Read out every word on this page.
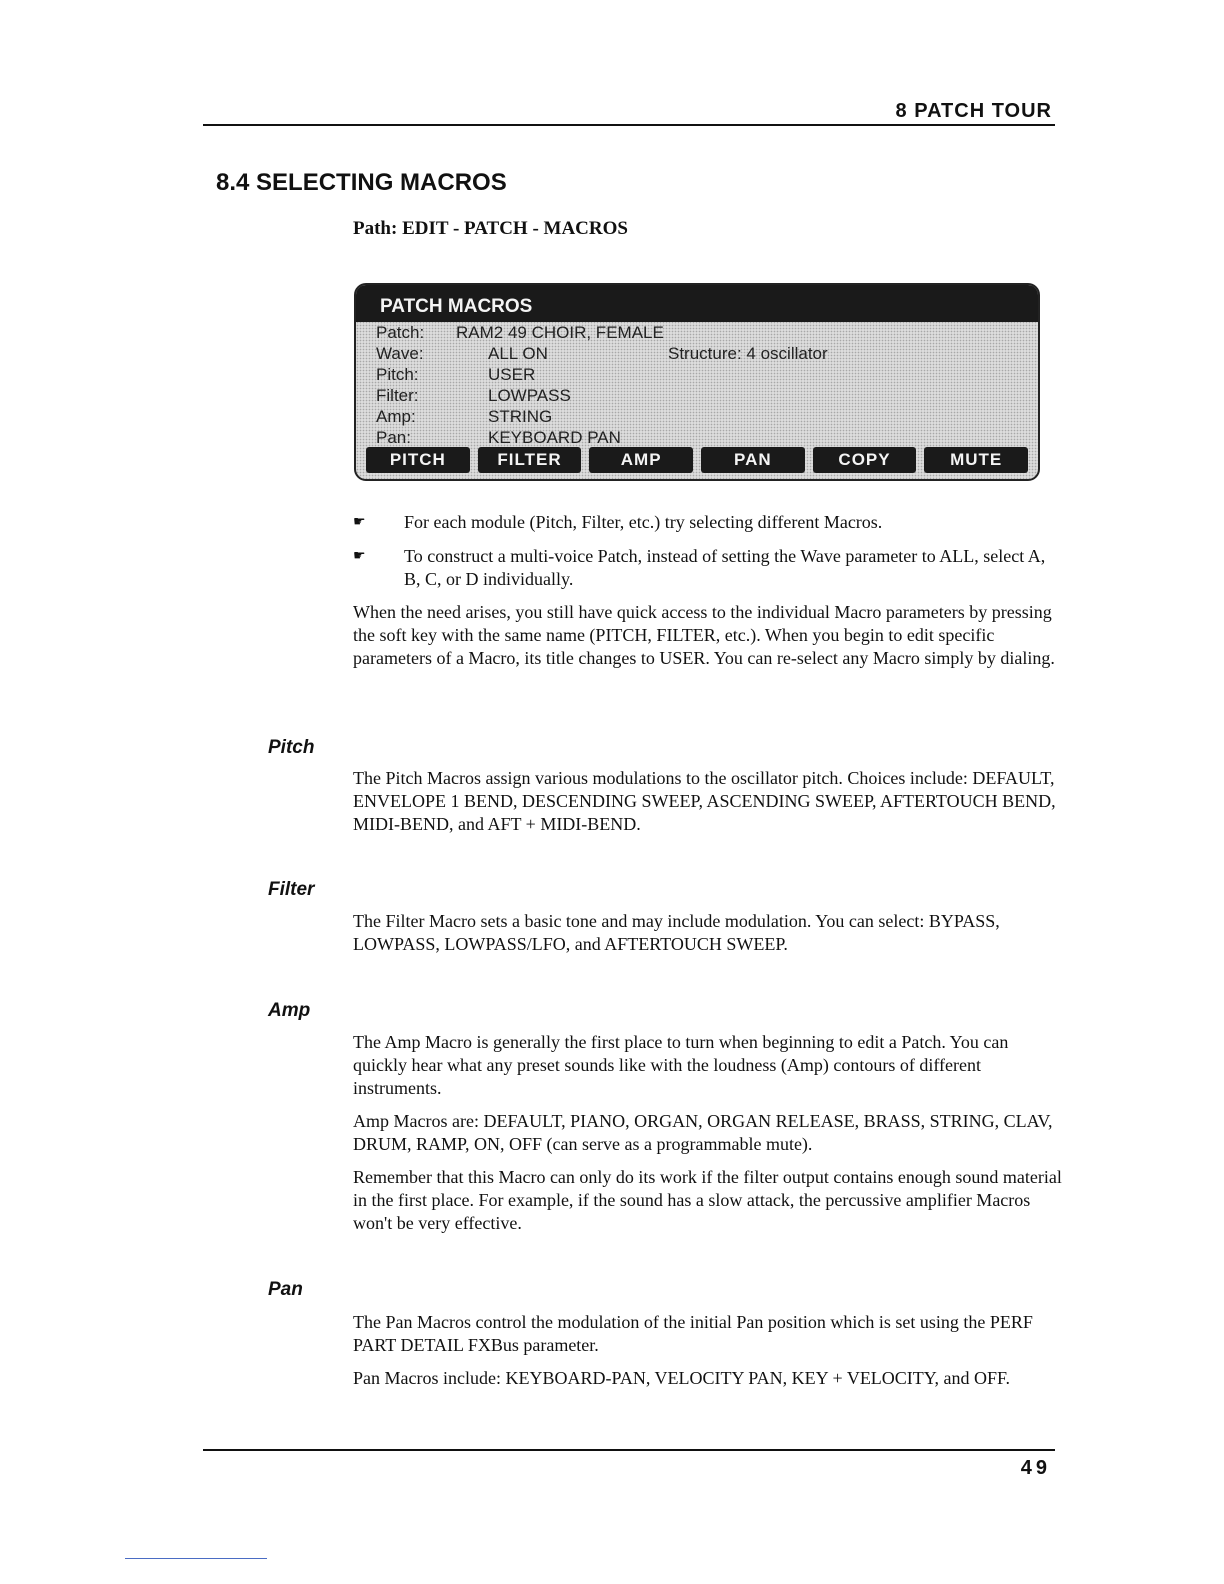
8 PATCH TOUR
8.4 SELECTING MACROS
Path: EDIT - PATCH - MACROS
PATCH MACROS
Patch: RAM2 49 CHOIR, FEMALE
Wave:	ALL ON	Structure: 4 oscillator
Pitch:	USER
Filter:	LOWPASS
Amp:	STRING
Pan:	KEYBOARD PAN
PITCH	FILTER	AMP	PAN	COPY	MUTE
☛ For each module (Pitch, Filter, etc.) try selecting different Macros.
☛ To construct a multi-voice Patch, instead of setting the Wave parameter to ALL, select A, B, C, or D individually.
When the need arises, you still have quick access to the individual Macro parameters by pressing the soft key with the same name (PITCH, FILTER, etc.). When you begin to edit specific parameters of a Macro, its title changes to USER. You can re-select any Macro simply by dialing.
Pitch
The Pitch Macros assign various modulations to the oscillator pitch. Choices include: DEFAULT, ENVELOPE 1 BEND, DESCENDING SWEEP, ASCENDING SWEEP, AFTERTOUCH BEND, MIDI-BEND, and AFT + MIDI-BEND.
Filter
The Filter Macro sets a basic tone and may include modulation. You can select: BYPASS, LOWPASS, LOWPASS/LFO, and AFTERTOUCH SWEEP.
Amp
The Amp Macro is generally the first place to turn when beginning to edit a Patch. You can quickly hear what any preset sounds like with the loudness (Amp) contours of different instruments.
Amp Macros are: DEFAULT, PIANO, ORGAN, ORGAN RELEASE, BRASS, STRING, CLAV, DRUM, RAMP, ON, OFF (can serve as a programmable mute).
Remember that this Macro can only do its work if the filter output contains enough sound material in the first place. For example, if the sound has a slow attack, the percussive amplifier Macros won't be very effective.
Pan
The Pan Macros control the modulation of the initial Pan position which is set using the PERF PART DETAIL FXBus parameter.
Pan Macros include: KEYBOARD-PAN, VELOCITY PAN, KEY + VELOCITY, and OFF.
49
